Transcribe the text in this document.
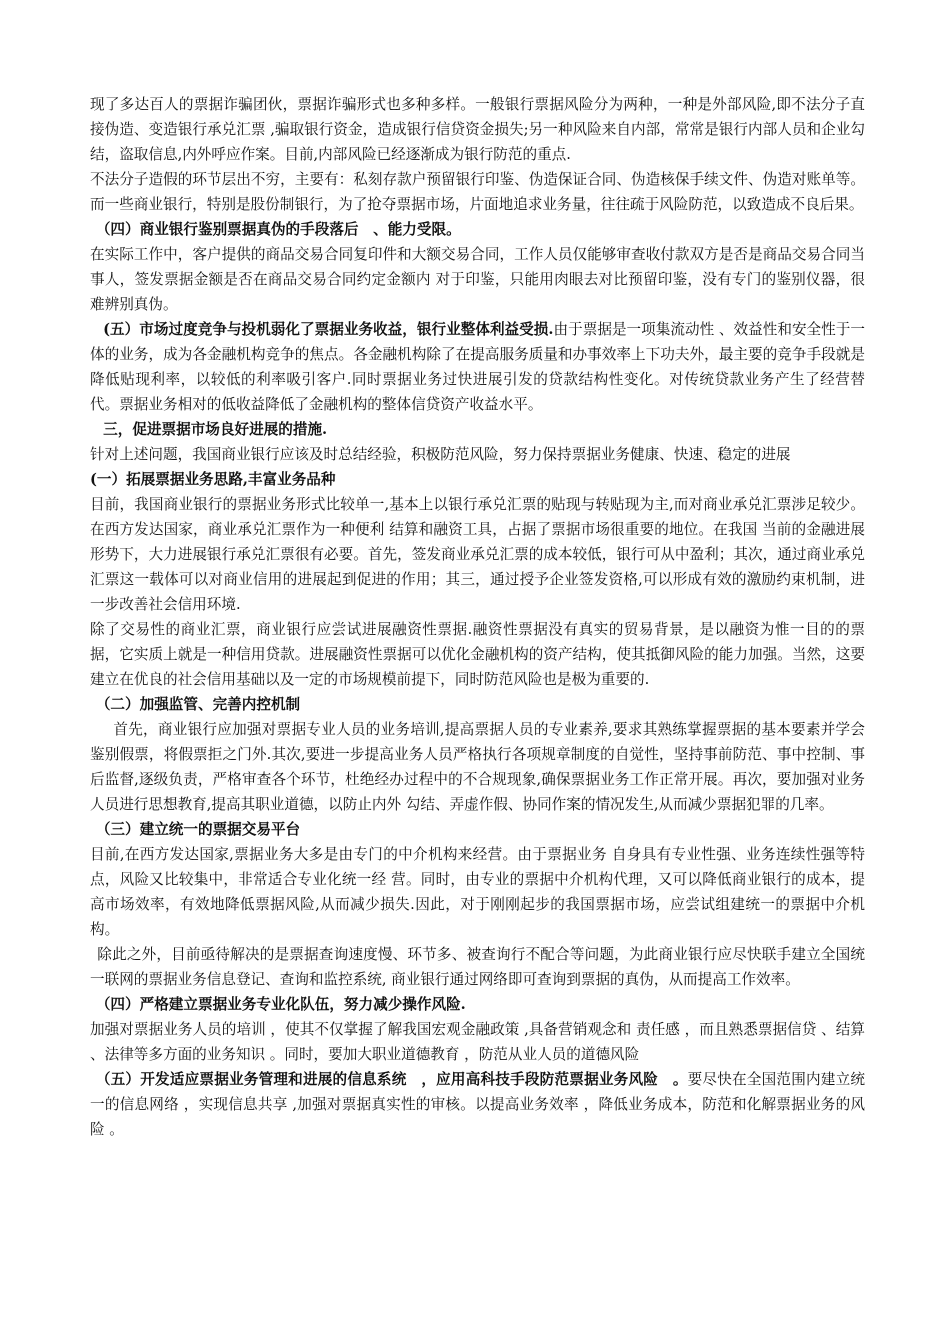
现了多达百人的票据诈骗团伙，票据诈骗形式也多种多样。一般银行票据风险分为两种，一种是外部风险,即不法分子直接伪造、变造银行承兑汇票 ,骗取银行资金，造成银行信贷资金损失;另一种风险来自内部，常常是银行内部人员和企业勾结，盗取信息,内外呼应作案。目前,内部风险已经逐渐成为银行防范的重点.

不法分子造假的环节层出不穷，主要有：私刻存款户预留银行印鉴、伪造保证合同、伪造核保手续文件、伪造对账单等。而一些商业银行，特别是股份制银行，为了抢夺票据市场，片面地追求业务量，往往疏于风险防范，以致造成不良后果。

（四）商业银行鉴别票据真伪的手段落后　、能力受限。

在实际工作中，客户提供的商品交易合同复印件和大额交易合同，工作人员仅能够审查收付款双方是否是商品交易合同当事人，签发票据金额是否在商品交易合同约定金额内 对于印鉴，只能用肉眼去对比预留印鉴，没有专门的鉴别仪器，很难辨别真伪。

(五）市场过度竞争与投机弱化了票据业务收益，银行业整体利益受损.由于票据是一项集流动性 、效益性和安全性于一体的业务，成为各金融机构竞争的焦点。各金融机构除了在提高服务质量和办事效率上下功夫外，最主要的竞争手段就是降低贴现利率，以较低的利率吸引客户.同时票据业务过快进展引发的贷款结构性变化。对传统贷款业务产生了经营替代。票据业务相对的低收益降低了金融机构的整体信贷资产收益水平。

三，促进票据市场良好进展的措施.

针对上述问题，我国商业银行应该及时总结经验，积极防范风险，努力保持票据业务健康、快速、稳定的进展

(一）拓展票据业务思路,丰富业务品种

目前，我国商业银行的票据业务形式比较单一,基本上以银行承兑汇票的贴现与转贴现为主,而对商业承兑汇票涉足较少。在西方发达国家，商业承兑汇票作为一种便利 结算和融资工具，占据了票据市场很重要的地位。在我国 当前的金融进展形势下，大力进展银行承兑汇票很有必要。首先，签发商业承兑汇票的成本较低，银行可从中盈利；其次，通过商业承兑汇票这一载体可以对商业信用的进展起到促进的作用；其三，通过授予企业签发资格,可以形成有效的激励约束机制，进一步改善社会信用环境.

除了交易性的商业汇票，商业银行应尝试进展融资性票据.融资性票据没有真实的贸易背景，是以融资为惟一目的的票据，它实质上就是一种信用贷款。进展融资性票据可以优化金融机构的资产结构，使其抵御风险的能力加强。当然，这要建立在优良的社会信用基础以及一定的市场规模前提下，同时防范风险也是极为重要的.

（二）加强监管、完善内控机制

首先，商业银行应加强对票据专业人员的业务培训,提高票据人员的专业素养,要求其熟练掌握票据的基本要素并学会鉴别假票，将假票拒之门外.其次,要进一步提高业务人员严格执行各项规章制度的自觉性，坚持事前防范、事中控制、事后监督,逐级负责，严格审查各个环节，杜绝经办过程中的不合规现象,确保票据业务工作正常开展。再次，要加强对业务人员进行思想教育,提高其职业道德，以防止内外 勾结、弄虚作假、协同作案的情况发生,从而减少票据犯罪的几率。

（三）建立统一的票据交易平台

目前,在西方发达国家,票据业务大多是由专门的中介机构来经营。由于票据业务 自身具有专业性强、业务连续性强等特点，风险又比较集中，非常适合专业化统一经 营。同时，由专业的票据中介机构代理，又可以降低商业银行的成本，提高市场效率，有效地降低票据风险,从而减少损失.因此，对于刚刚起步的我国票据市场，应尝试组建统一的票据中介机构。

除此之外，目前亟待解决的是票据查询速度慢、环节多、被查询行不配合等问题，为此商业银行应尽快联手建立全国统一联网的票据业务信息登记、查询和监控系统, 商业银行通过网络即可查询到票据的真伪，从而提高工作效率。

（四）严格建立票据业务专业化队伍，努力减少操作风险.

加强对票据业务人员的培训 ，使其不仅掌握了解我国宏观金融政策 ,具备营销观念和 责任感 ，而且熟悉票据信贷 、结算 、法律等多方面的业务知识 。同时，要加大职业道德教育 ，防范从业人员的道德风险

（五）开发适应票据业务管理和进展的信息系统　，应用高科技手段防范票据业务风险　。要尽快在全国范围内建立统一的信息网络 ，实现信息共享 ,加强对票据真实性的审核。以提高业务效率 ，降低业务成本，防范和化解票据业务的风险 。
